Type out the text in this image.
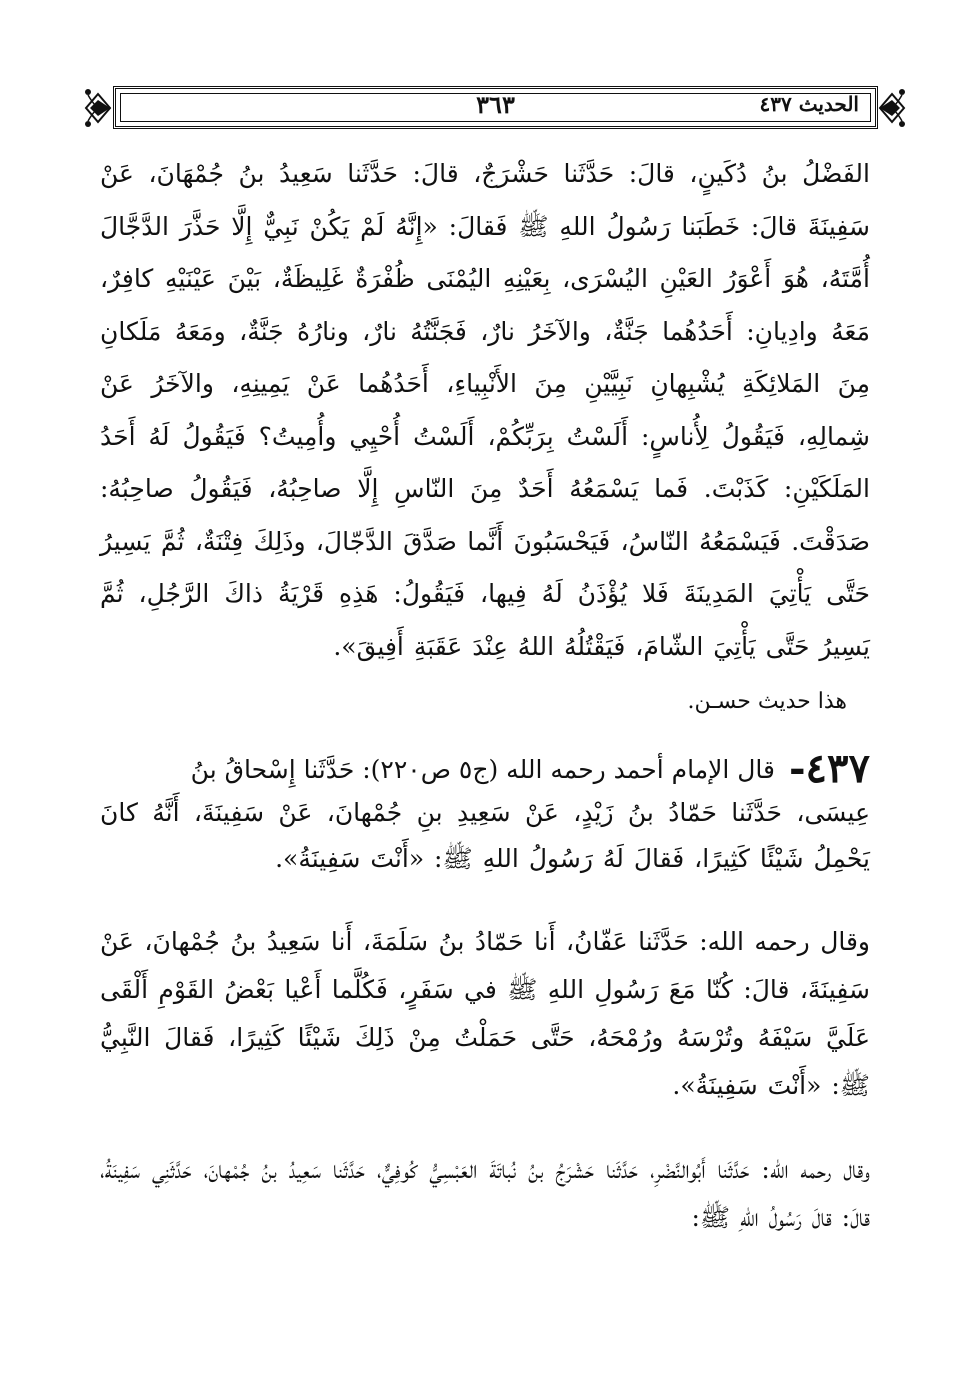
٣٦٣	الحديث ٤٣٧
الفَضْلُ بنُ دُكَينٍ، قالَ: حَدَّثَنا حَشْرَجٌ، قالَ: حَدَّثَنا سَعِيدُ بنُ جُمْهَانَ، عَنْ سَفِينَةَ قالَ: خَطَبَنا رَسُولُ اللهِ ﷺ فَقالَ: «إِنَّهُ لَمْ يَكُنْ نَبِيٌّ إِلَّا حَذَّرَ الدَّجَّالَ أُمَّتَهُ، هُوَ أَعْوَرُ العَيْنِ اليُسْرَى، بِعَيْنِهِ اليُمْنَى ظُفْرَةٌ غَلِيظَةٌ، بَيْنَ عَيْنَيْهِ كافِرٌ، مَعَهُ وادِيانِ: أَحَدُهُما جَنَّةٌ، والآخَرُ نارٌ، فَجَنَّتُهُ نارٌ، ونارُهُ جَنَّةٌ، ومَعَهُ مَلَكانِ مِنَ المَلائِكَةِ يُشْبِهانِ نَبِيَّيْنِ مِنَ الأَنْبِياءِ، أَحَدُهُما عَنْ يَمِينِهِ، والآخَرُ عَنْ شِمالِهِ، فَيَقُولُ لِأُناسٍ: أَلَسْتُ بِرَبِّكُمْ، أَلَسْتُ أُحْيِي وأُمِيتُ؟ فَيَقُولُ لَهُ أَحَدُ المَلَكَيْنِ: كَذَبْتَ. فَما يَسْمَعُهُ أَحَدٌ مِنَ النّاسِ إِلَّا صاحِبُهُ، فَيَقُولُ صاحِبُهُ: صَدَقْتَ. فَيَسْمَعُهُ النّاسُ، فَيَحْسَبُونَ أَنَّما صَدَّقَ الدَّجّالَ، وذَلِكَ فِتْنَةٌ، ثُمَّ يَسِيرُ حَتَّى يَأْتِيَ المَدِينَةَ فَلا يُؤْذَنُ لَهُ فِيها، فَيَقُولُ: هَذِهِ قَرْيَةُ ذاكَ الرَّجُلِ، ثُمَّ يَسِيرُ حَتَّى يَأْتِيَ الشّامَ، فَيَقْتُلُهُ اللهُ عِنْدَ عَقَبَةِ أَفِيقَ».
هذا حديث حسـن.
٤٣٧- قال الإمام أحمد رحمه الله (ج٥ ص٢٢٠): حَدَّثَنا إِسْحاقُ بنُ
عِيسَى، حَدَّثَنا حَمّادُ بنُ زَيْدٍ، عَنْ سَعِيدِ بنِ جُمْهانَ، عَنْ سَفِينَةَ، أَنَّهُ كانَ يَحْمِلُ شَيْئًا كَثِيرًا، فَقالَ لَهُ رَسُولُ اللهِ ﷺ: «أَنْتَ سَفِينَةُ».
وقال رحمه الله: حَدَّثَنا عَفّانُ، أَنا حَمّادُ بنُ سَلَمَةَ، أَنا سَعِيدُ بنُ جُمْهانَ، عَنْ سَفِينَةَ، قالَ: كُنّا مَعَ رَسُولِ اللهِ ﷺ في سَفَرٍ، فَكُلَّما أَعْيا بَعْضُ القَوْمِ أَلْقَى عَلَيَّ سَيْفَهُ وتُرْسَهُ ورُمْحَهُ، حَتَّى حَمَلْتُ مِنْ ذَلِكَ شَيْئًا كَثِيرًا، فَقالَ النَّبِيُّ ﷺ: «أَنْتَ سَفِينَةُ».
وقال رحمه الله: حَدَّثَنا أَبُوالنَّضْرِ، حَدَّثَنا حَشْرَجُ بنُ نُباتَةَ العَبْسِيُّ كُوفِيٌّ، حَدَّثَنا سَعِيدُ بنُ جُمْهانَ، حَدَّثَنِي سَفِينَةُ، قالَ: قالَ رَسُولُ اللهِ ﷺ:
